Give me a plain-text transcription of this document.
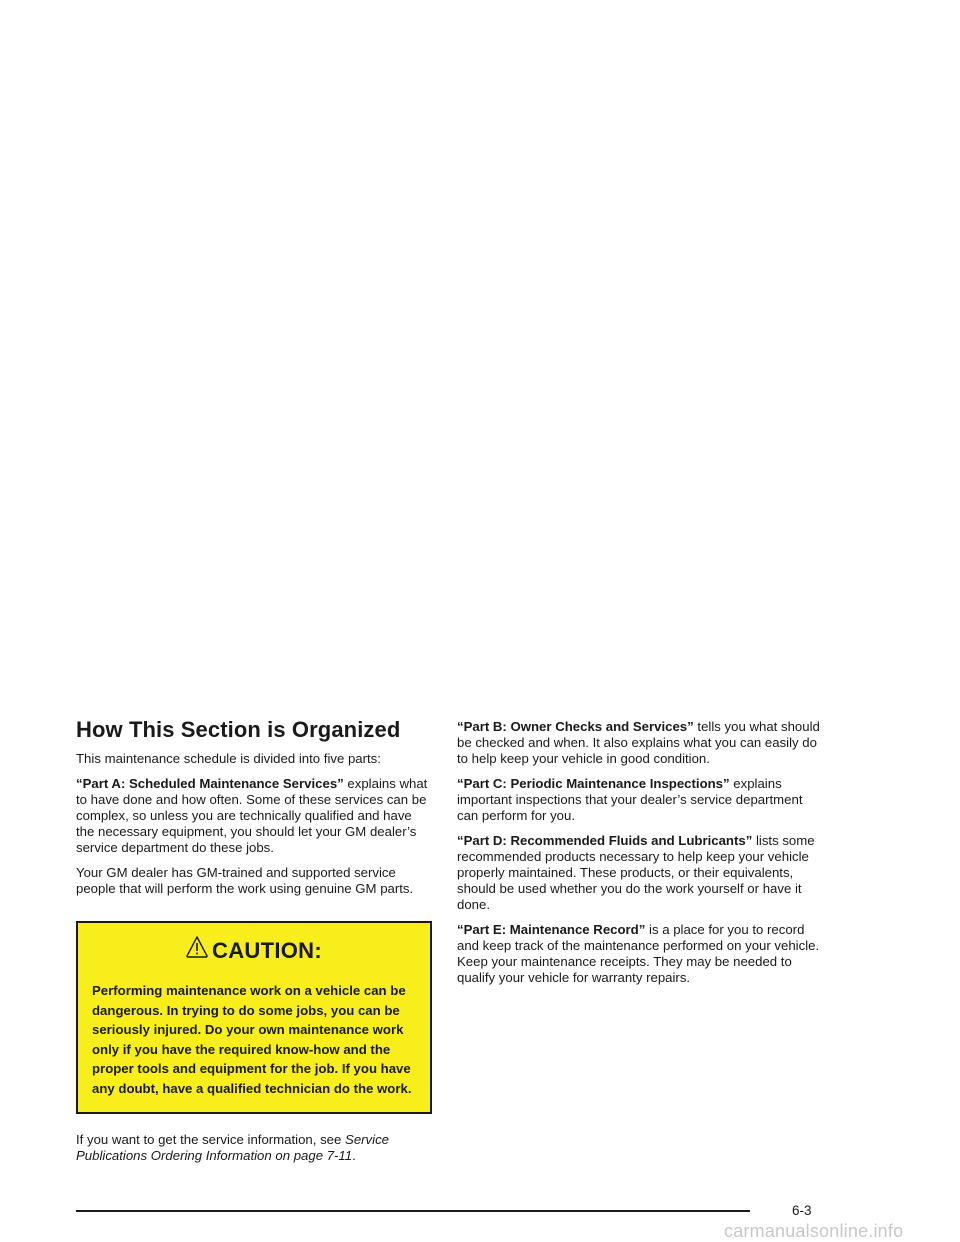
How This Section is Organized

This maintenance schedule is divided into five parts:

“Part A: Scheduled Maintenance Services” explains what to have done and how often. Some of these services can be complex, so unless you are technically qualified and have the necessary equipment, you should let your GM dealer’s service department do these jobs.

Your GM dealer has GM-trained and supported service people that will perform the work using genuine GM parts.

CAUTION:

Performing maintenance work on a vehicle can be dangerous. In trying to do some jobs, you can be seriously injured. Do your own maintenance work only if you have the required know-how and the proper tools and equipment for the job. If you have any doubt, have a qualified technician do the work.

If you want to get the service information, see Service Publications Ordering Information on page 7-11.

“Part B: Owner Checks and Services” tells you what should be checked and when. It also explains what you can easily do to help keep your vehicle in good condition.

“Part C: Periodic Maintenance Inspections” explains important inspections that your dealer’s service department can perform for you.

“Part D: Recommended Fluids and Lubricants” lists some recommended products necessary to help keep your vehicle properly maintained. These products, or their equivalents, should be used whether you do the work yourself or have it done.

“Part E: Maintenance Record” is a place for you to record and keep track of the maintenance performed on your vehicle. Keep your maintenance receipts. They may be needed to qualify your vehicle for warranty repairs.

6-3
carmanualsonline.info
